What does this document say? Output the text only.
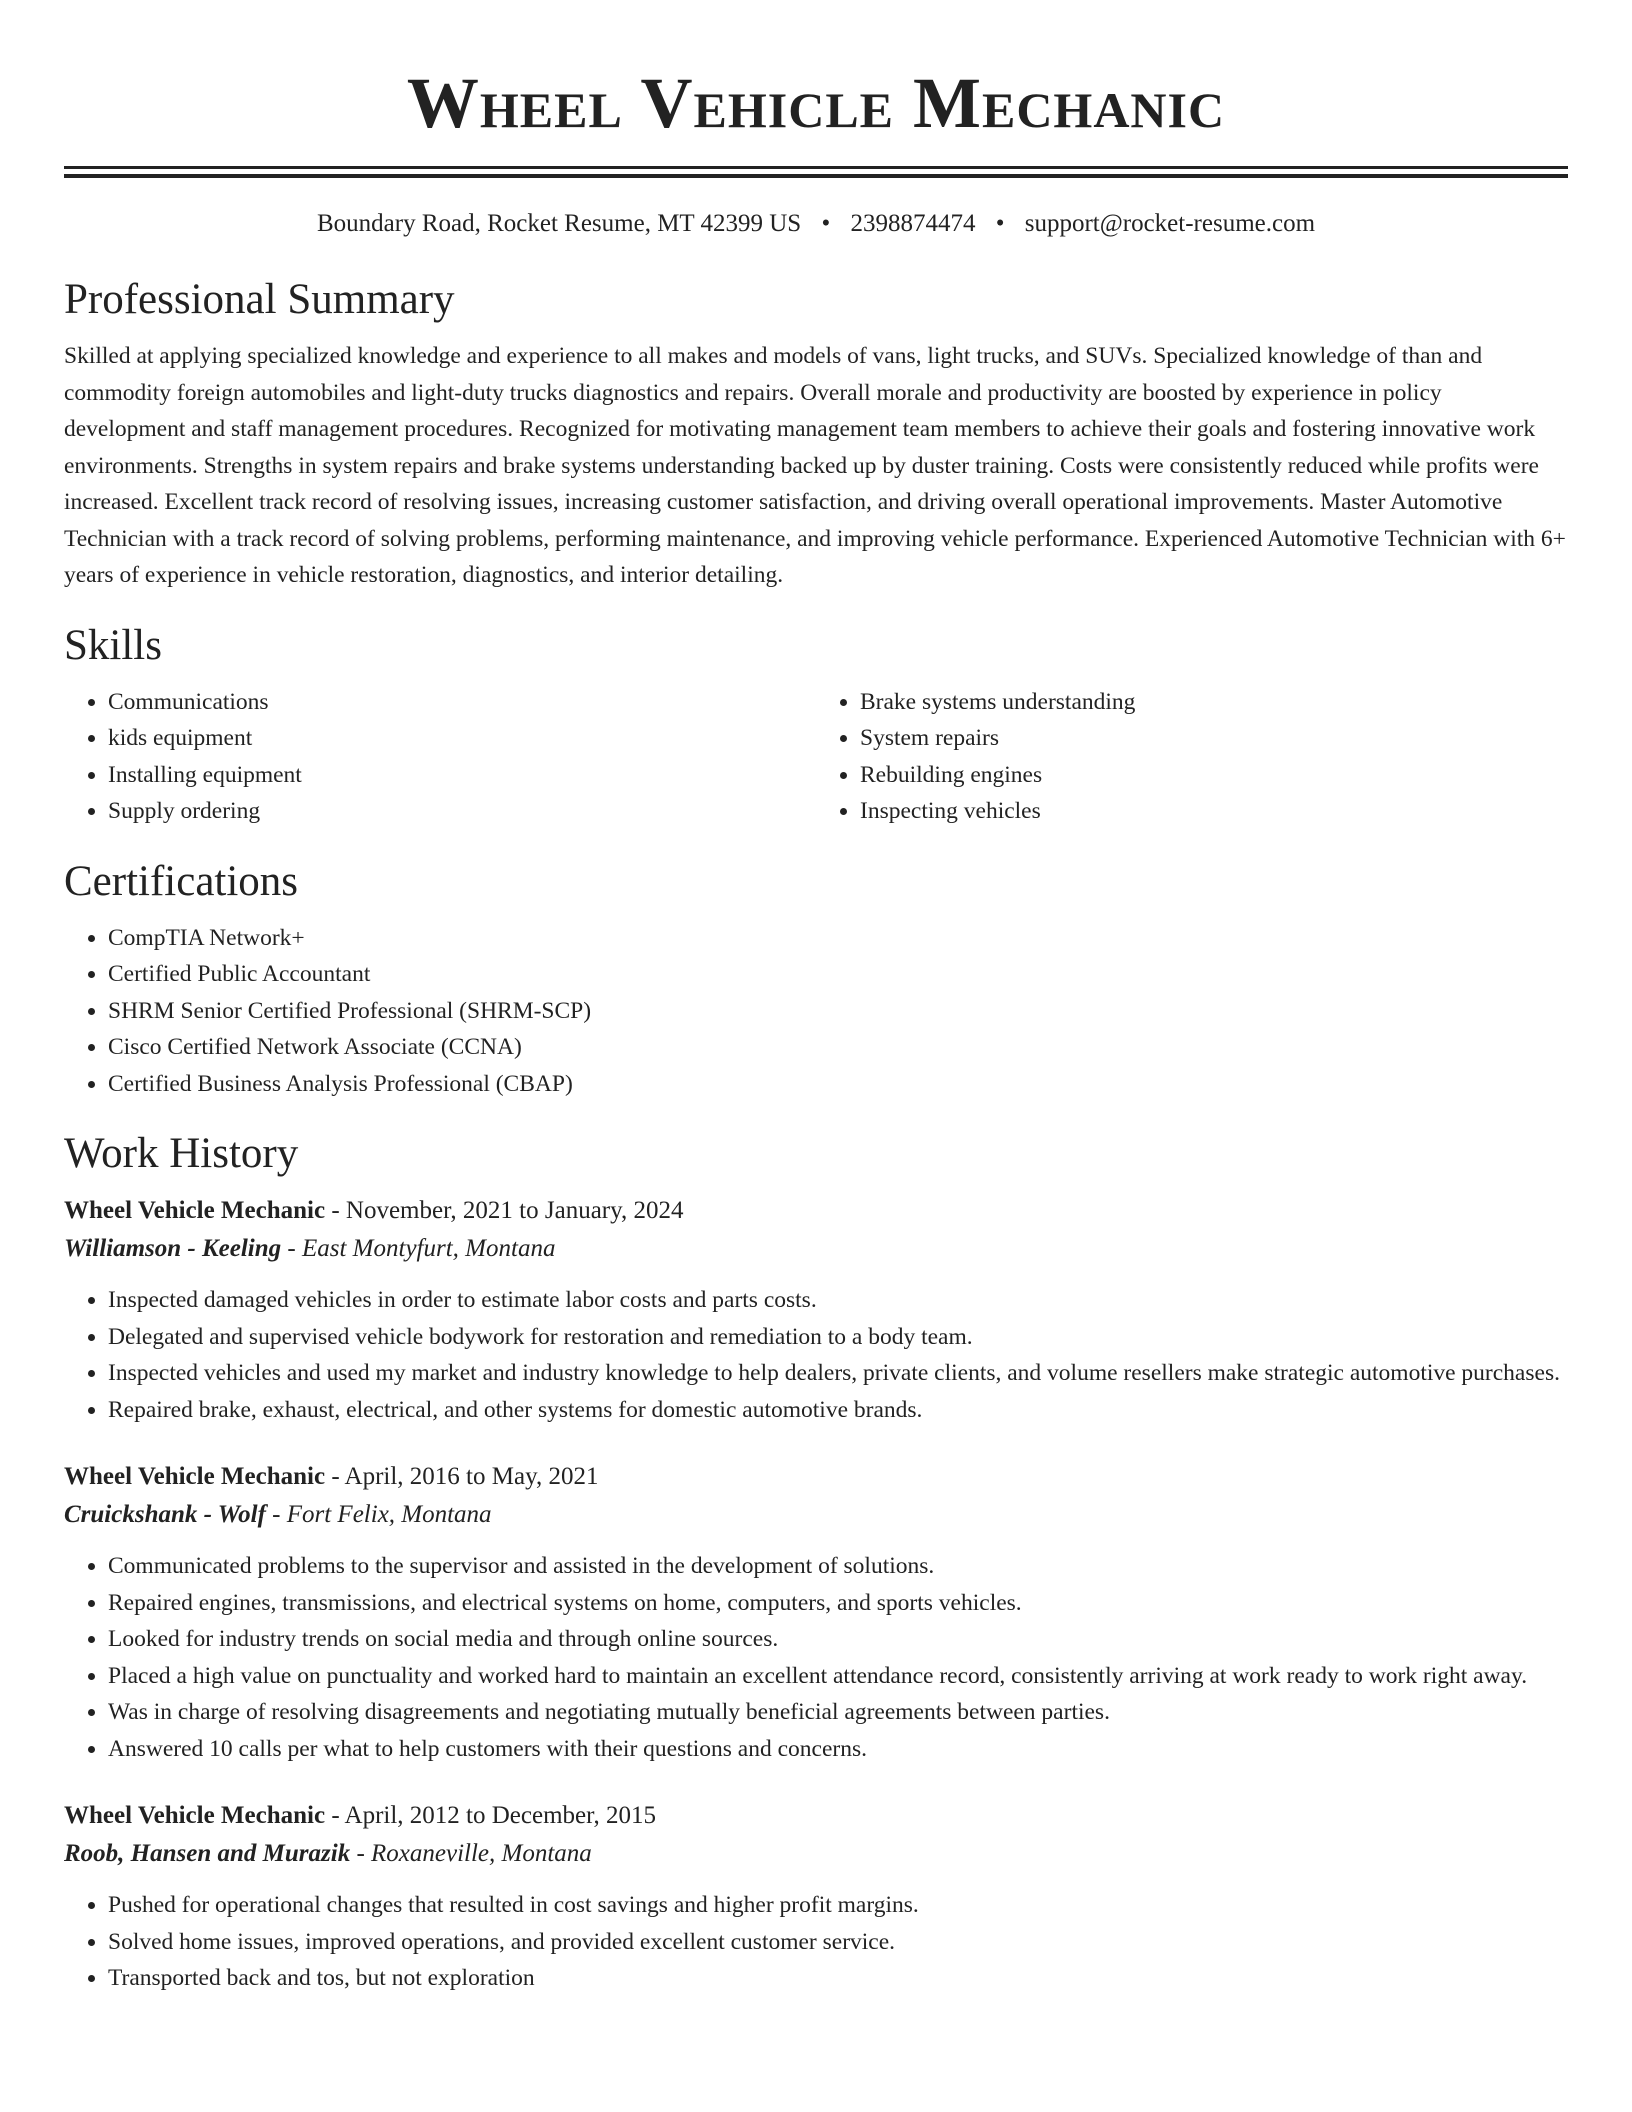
Wheel Vehicle Mechanic
Boundary Road, Rocket Resume, MT 42399 US • 2398874474 • support@rocket-resume.com
Professional Summary

Skilled at applying specialized knowledge and experience to all makes and models of vans, light trucks, and SUVs. Specialized knowledge of than and commodity foreign automobiles and light-duty trucks diagnostics and repairs. Overall morale and productivity are boosted by experience in policy development and staff management procedures. Recognized for motivating management team members to achieve their goals and fostering innovative work environments. Strengths in system repairs and brake systems understanding backed up by duster training. Costs were consistently reduced while profits were increased. Excellent track record of resolving issues, increasing customer satisfaction, and driving overall operational improvements. Master Automotive Technician with a track record of solving problems, performing maintenance, and improving vehicle performance. Experienced Automotive Technician with 6+ years of experience in vehicle restoration, diagnostics, and interior detailing.

Skills
• Communications
• kids equipment
• Installing equipment
• Supply ordering
• Brake systems understanding
• System repairs
• Rebuilding engines
• Inspecting vehicles
Certifications
• CompTIA Network+
• Certified Public Accountant
• SHRM Senior Certified Professional (SHRM-SCP)
• Cisco Certified Network Associate (CCNA)
• Certified Business Analysis Professional (CBAP)
Work History
Wheel Vehicle Mechanic - November, 2021 to January, 2024
Williamson - Keeling - East Montyfurt, Montana
• Inspected damaged vehicles in order to estimate labor costs and parts costs.
• Delegated and supervised vehicle bodywork for restoration and remediation to a body team.
• Inspected vehicles and used my market and industry knowledge to help dealers, private clients, and volume resellers make strategic automotive purchases.
• Repaired brake, exhaust, electrical, and other systems for domestic automotive brands.
Wheel Vehicle Mechanic - April, 2016 to May, 2021
Cruickshank - Wolf - Fort Felix, Montana
• Communicated problems to the supervisor and assisted in the development of solutions.
• Repaired engines, transmissions, and electrical systems on home, computers, and sports vehicles.
• Looked for industry trends on social media and through online sources.
• Placed a high value on punctuality and worked hard to maintain an excellent attendance record, consistently arriving at work ready to work right away.
• Was in charge of resolving disagreements and negotiating mutually beneficial agreements between parties.
• Answered 10 calls per what to help customers with their questions and concerns.
Wheel Vehicle Mechanic - April, 2012 to December, 2015
Roob, Hansen and Murazik - Roxaneville, Montana
• Pushed for operational changes that resulted in cost savings and higher profit margins.
• Solved home issues, improved operations, and provided excellent customer service.
• Transported back and tos, but not exploration
